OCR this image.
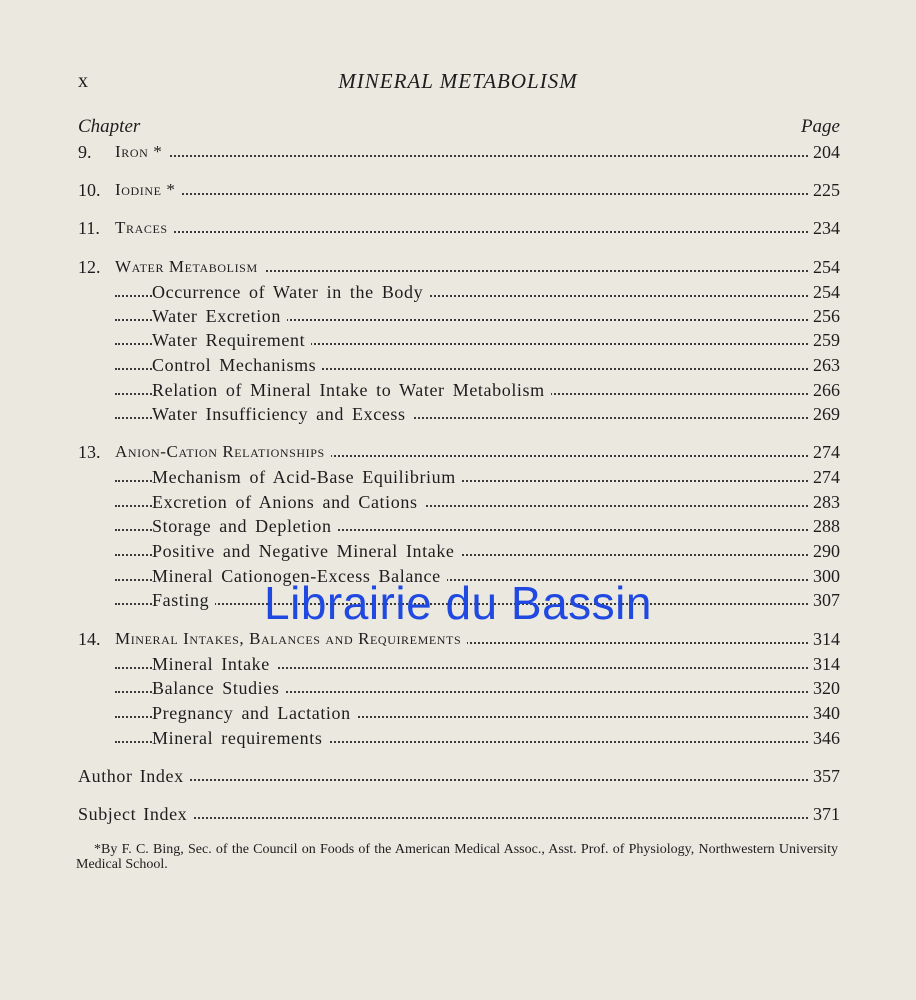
x	MINERAL METABOLISM
Chapter	Page
9. Iron *	204
10. Iodine *	225
11. Traces	234
12. Water Metabolism	254
Occurrence of Water in the Body	254
Water Excretion	256
Water Requirement	259
Control Mechanisms	263
Relation of Mineral Intake to Water Metabolism	266
Water Insufficiency and Excess	269
13. Anion-Cation Relationships	274
Mechanism of Acid-Base Equilibrium	274
Excretion of Anions and Cations	283
Storage and Depletion	288
Positive and Negative Mineral Intake	290
Mineral Cationogen-Excess Balance	300
Fasting	307
14. Mineral Intakes, Balances and Requirements	314
Mineral Intake	314
Balance Studies	320
Pregnancy and Lactation	340
Mineral requirements	346
Author Index	357
Subject Index	371
*By F. C. Bing, Sec. of the Council on Foods of the American Medical Assoc., Asst. Prof. of Physiology, Northwestern University Medical School.
Librairie du Bassin
